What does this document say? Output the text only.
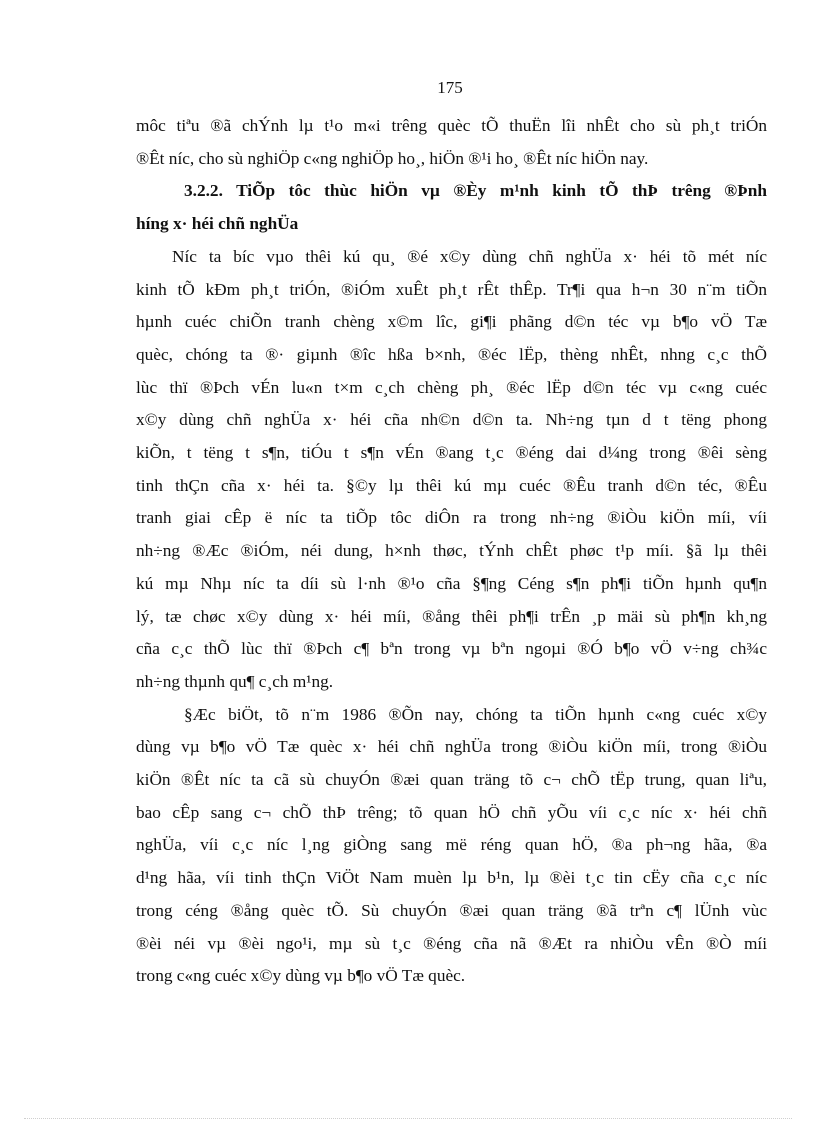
175
môc tiªu ®ã chÝnh lµ t¹o m«i trêng quèc tÕ thuËn lîi nhÊt cho sù ph¸t triÓn
®Êt níc, cho sù nghiÖp c«ng nghiÖp ho¸, hiÖn ®¹i ho¸ ®Êt níc hiÖn nay.
3.2.2. TiÕp tôc thùc hiÖn vµ ®Èy m¹nh kinh tÕ thÞ trêng ®Þnh
híng x· héi chñ nghÜa
Níc ta bíc vµo thêi kú qu¸ ®é x©y dùng chñ nghÜa x· héi tõ mét níc
kinh tÕ kÐm ph¸t triÓn, ®iÓm xuÊt ph¸t rÊt thÊp. Tr¶i qua h¬n 30 n¨m tiÕn
hµnh cuéc chiÕn tranh chèng x©m lîc, gi¶i phãng d©n téc vµ b¶o vÖ Tæ
quèc, chóng ta ®· giµnh ®îc hßa b×nh, ®éc lËp, thèng nhÊt, nhng c¸c thÕ
lùc thï ®Þch vÉn lu«n t×m c¸ch chèng ph¸ ®éc lËp d©n téc vµ c«ng cuéc
x©y dùng chñ nghÜa x· héi cña nh©n d©n ta. Nh÷ng tµn d t tëng phong
kiÕn, t tëng t s¶n, tiÓu t s¶n vÉn ®ang t¸c ®éng dai d¼ng trong ®êi sèng
tinh thÇn cña x· héi ta. §©y lµ thêi kú mµ cuéc ®Êu tranh d©n téc, ®Êu
tranh giai cÊp ë níc ta tiÕp tôc diÔn ra trong nh÷ng ®iÒu kiÖn míi, víi
nh÷ng ®Æc ®iÓm, néi dung, h×nh thøc, tÝnh chÊt phøc t¹p míi. §ã lµ thêi
kú mµ Nhµ níc ta díi sù l·nh ®¹o cña §¶ng Céng s¶n ph¶i tiÕn hµnh qu¶n
lý, tæ chøc x©y dùng x· héi míi, ®ång thêi ph¶i trÊn ¸p mäi sù ph¶n kh¸ng
cña c¸c thÕ lùc thï ®Þch c¶ bªn trong vµ bªn ngoµi ®Ó b¶o vÖ v÷ng ch¾c
nh÷ng thµnh qu¶ c¸ch m¹ng.
§Æc biÖt, tõ n¨m 1986 ®Õn nay, chóng ta tiÕn hµnh c«ng cuéc x©y
dùng vµ b¶o vÖ Tæ quèc x· héi chñ nghÜa trong ®iÒu kiÖn míi, trong ®iÒu
kiÖn ®Êt níc ta cã sù chuyÓn ®æi quan träng tõ c¬ chÕ tËp trung, quan liªu,
bao cÊp sang c¬ chÕ thÞ trêng; tõ quan hÖ chñ yÕu víi c¸c níc x· héi chñ
nghÜa, víi c¸c níc l¸ng giÒng sang më réng quan hÖ, ®a ph¬ng hãa, ®a
d¹ng hãa, víi tinh thÇn ViÖt Nam muèn lµ b¹n, lµ ®èi t¸c tin cËy cña c¸c níc
trong céng ®ång quèc tÕ. Sù chuyÓn ®æi quan träng ®ã trªn c¶ lÜnh vùc
®èi néi vµ ®èi ngo¹i, mµ sù t¸c ®éng cña nã ®Æt ra nhiÒu vÊn ®Ò míi
trong c«ng cuéc x©y dùng vµ b¶o vÖ Tæ quèc.
